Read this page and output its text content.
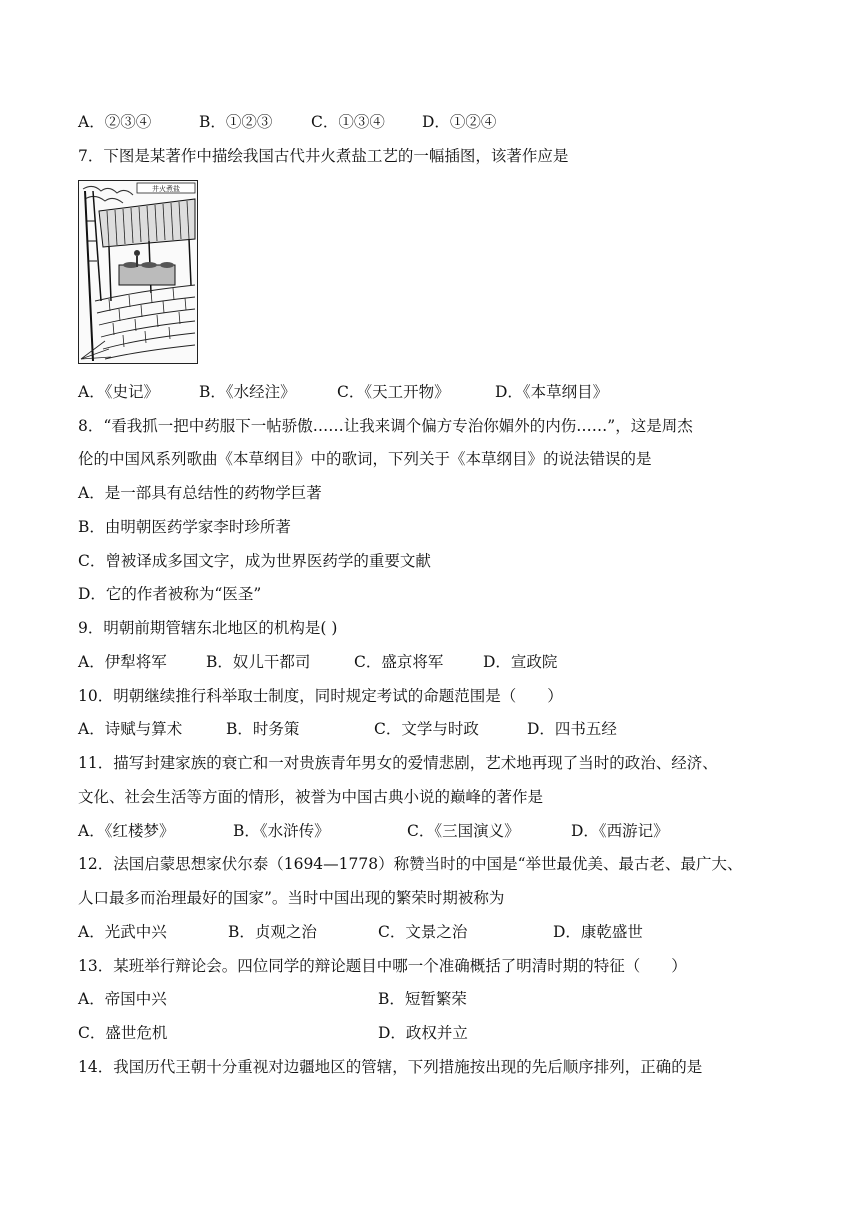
A．②③④	B．①②③	C．①③④	D．①②④
7．下图是某著作中描绘我国古代井火煮盐工艺的一幅插图，该著作应是
井火煮盐
A．《史记》	B．《水经注》	C．《天工开物》	D．《本草纲目》
8．“看我抓一把中药服下一帖骄傲……让我来调个偏方专治你媚外的内伤……”，这是周杰
伦的中国风系列歌曲《本草纲目》中的歌词，下列关于《本草纲目》的说法错误的是
A．是一部具有总结性的药物学巨著
B．由明朝医药学家李时珍所著
C．曾被译成多国文字，成为世界医药学的重要文献
D．它的作者被称为“医圣”
9．明朝前期管辖东北地区的机构是( )
A．伊犁将军	B．奴儿干都司	C．盛京将军	D．宣政院
10．明朝继续推行科举取士制度，同时规定考试的命题范围是（　　）
A．诗赋与算术	B．时务策	C．文学与时政	D．四书五经
11．描写封建家族的衰亡和一对贵族青年男女的爱情悲剧，艺术地再现了当时的政治、经济、
文化、社会生活等方面的情形，被誉为中国古典小说的巅峰的著作是
A．《红楼梦》	B．《水浒传》	C．《三国演义》	D．《西游记》
12．法国启蒙思想家伏尔泰（1694—1778）称赞当时的中国是“举世最优美、最古老、最广大、
人口最多而治理最好的国家”。当时中国出现的繁荣时期被称为
A．光武中兴	B．贞观之治	C．文景之治	D．康乾盛世
13．某班举行辩论会。四位同学的辩论题目中哪一个准确概括了明清时期的特征（　　）
A．帝国中兴	B．短暂繁荣
C．盛世危机	D．政权并立
14．我国历代王朝十分重视对边疆地区的管辖，下列措施按出现的先后顺序排列，正确的是
